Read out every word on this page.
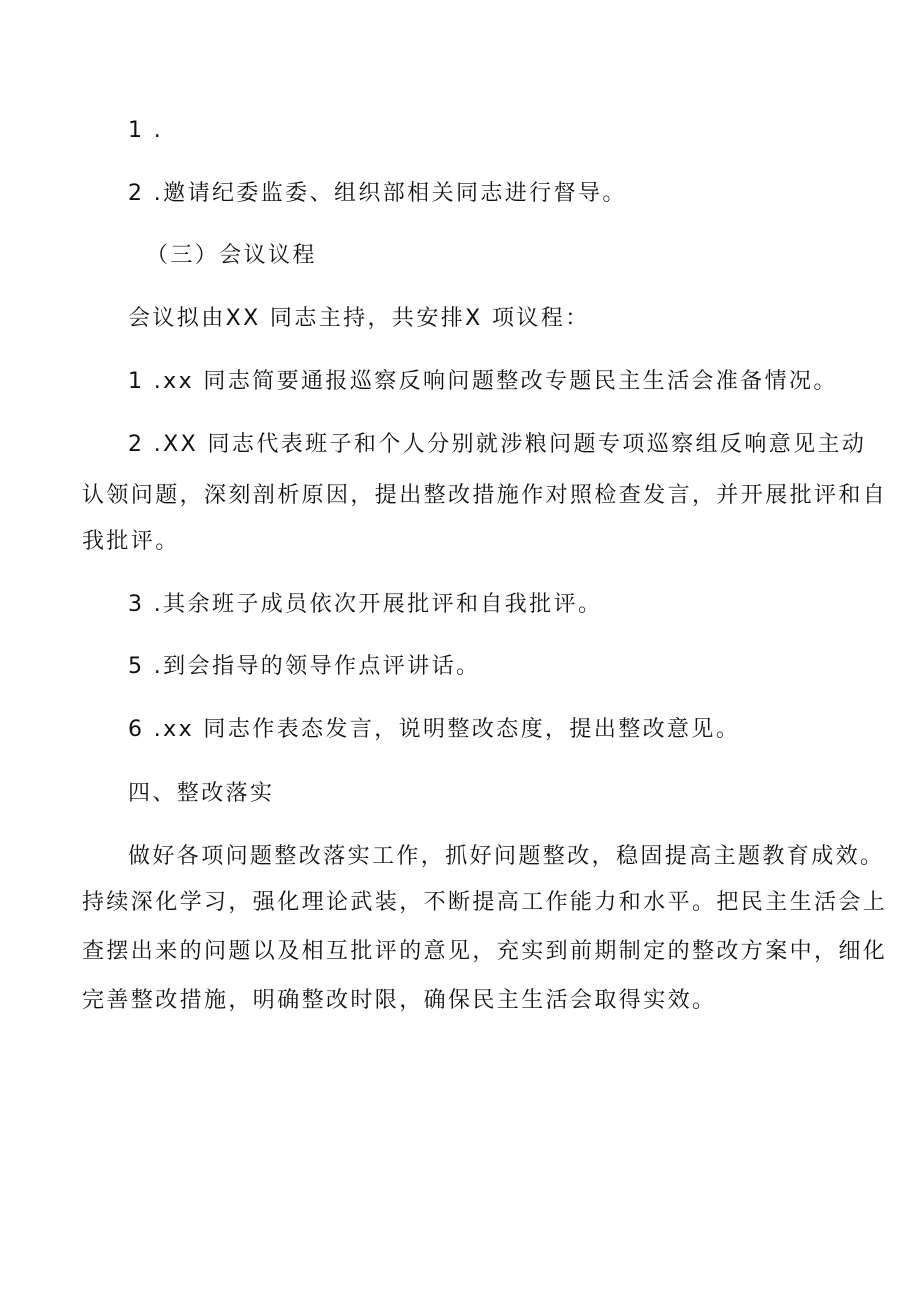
1 .
2 .邀请纪委监委、组织部相关同志进行督导。
（三）会议议程
会议拟由XX 同志主持，共安排X 项议程：
1 .xx 同志简要通报巡察反响问题整改专题民主生活会准备情况。
2 .XX 同志代表班子和个人分别就涉粮问题专项巡察组反响意见主动
认领问题，深刻剖析原因，提出整改措施作对照检查发言，并开展批评和自
我批评。
3 .其余班子成员依次开展批评和自我批评。
5 .到会指导的领导作点评讲话。
6 .xx 同志作表态发言，说明整改态度，提出整改意见。
四、整改落实
做好各项问题整改落实工作，抓好问题整改，稳固提高主题教育成效。
持续深化学习，强化理论武装，不断提高工作能力和水平。把民主生活会上
查摆出来的问题以及相互批评的意见，充实到前期制定的整改方案中，细化
完善整改措施，明确整改时限，确保民主生活会取得实效。
